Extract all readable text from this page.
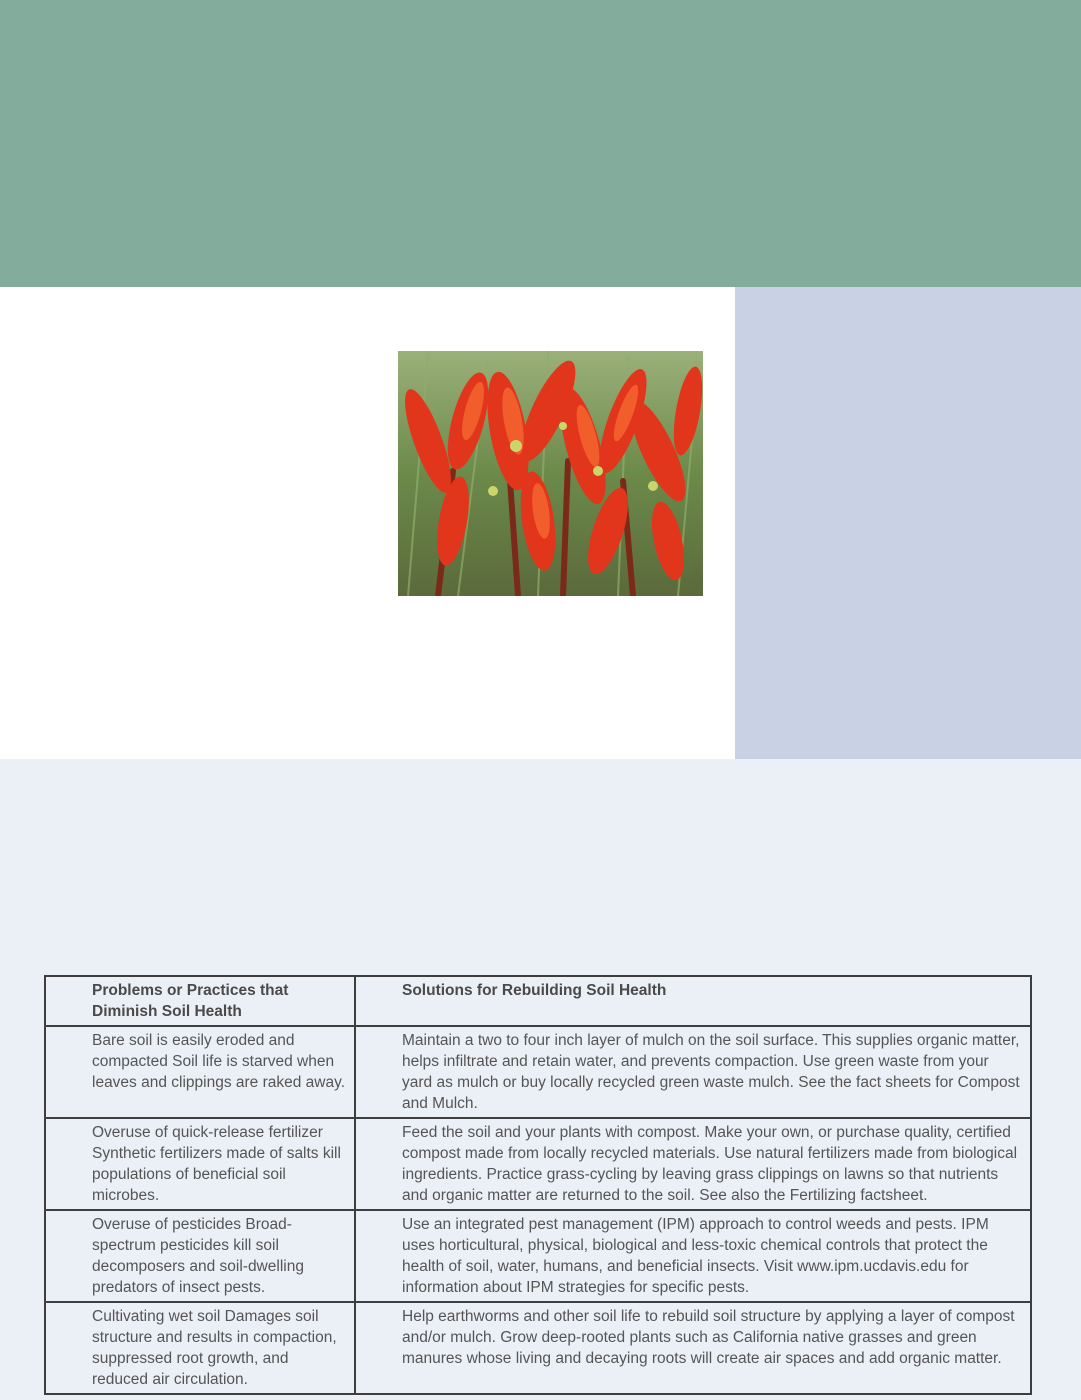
Problems or Practices that Diminish Soil Health	Solutions for Rebuilding Soil Health
Bare soil is easily eroded and compacted Soil life is starved when leaves and clippings are raked away.	Maintain a two to four inch layer of mulch on the soil surface. This supplies organic matter, helps infiltrate and retain water, and prevents compaction. Use green waste from your yard as mulch or buy locally recycled green waste mulch. See the fact sheets for Compost and Mulch.
Overuse of quick-release fertilizer Synthetic fertilizers made of salts kill populations of beneficial soil microbes.	Feed the soil and your plants with compost. Make your own, or purchase quality, certified compost made from locally recycled materials. Use natural fertilizers made from biological ingredients. Practice grass-cycling by leaving grass clippings on lawns so that nutrients and organic matter are returned to the soil. See also the Fertilizing factsheet.
Overuse of pesticides Broad-spectrum pesticides kill soil decomposers and soil-dwelling predators of insect pests.	Use an integrated pest management (IPM) approach to control weeds and pests. IPM uses horticultural, physical, biological and less-toxic chemical controls that protect the health of soil, water, humans, and beneficial insects. Visit www.ipm.ucdavis.edu for information about IPM strategies for specific pests.
Cultivating wet soil Damages soil structure and results in compaction, suppressed root growth, and reduced air circulation.	Help earthworms and other soil life to rebuild soil structure by applying a layer of compost and/or mulch. Grow deep-rooted plants such as California native grasses and green manures whose living and decaying roots will create air spaces and add organic matter.
